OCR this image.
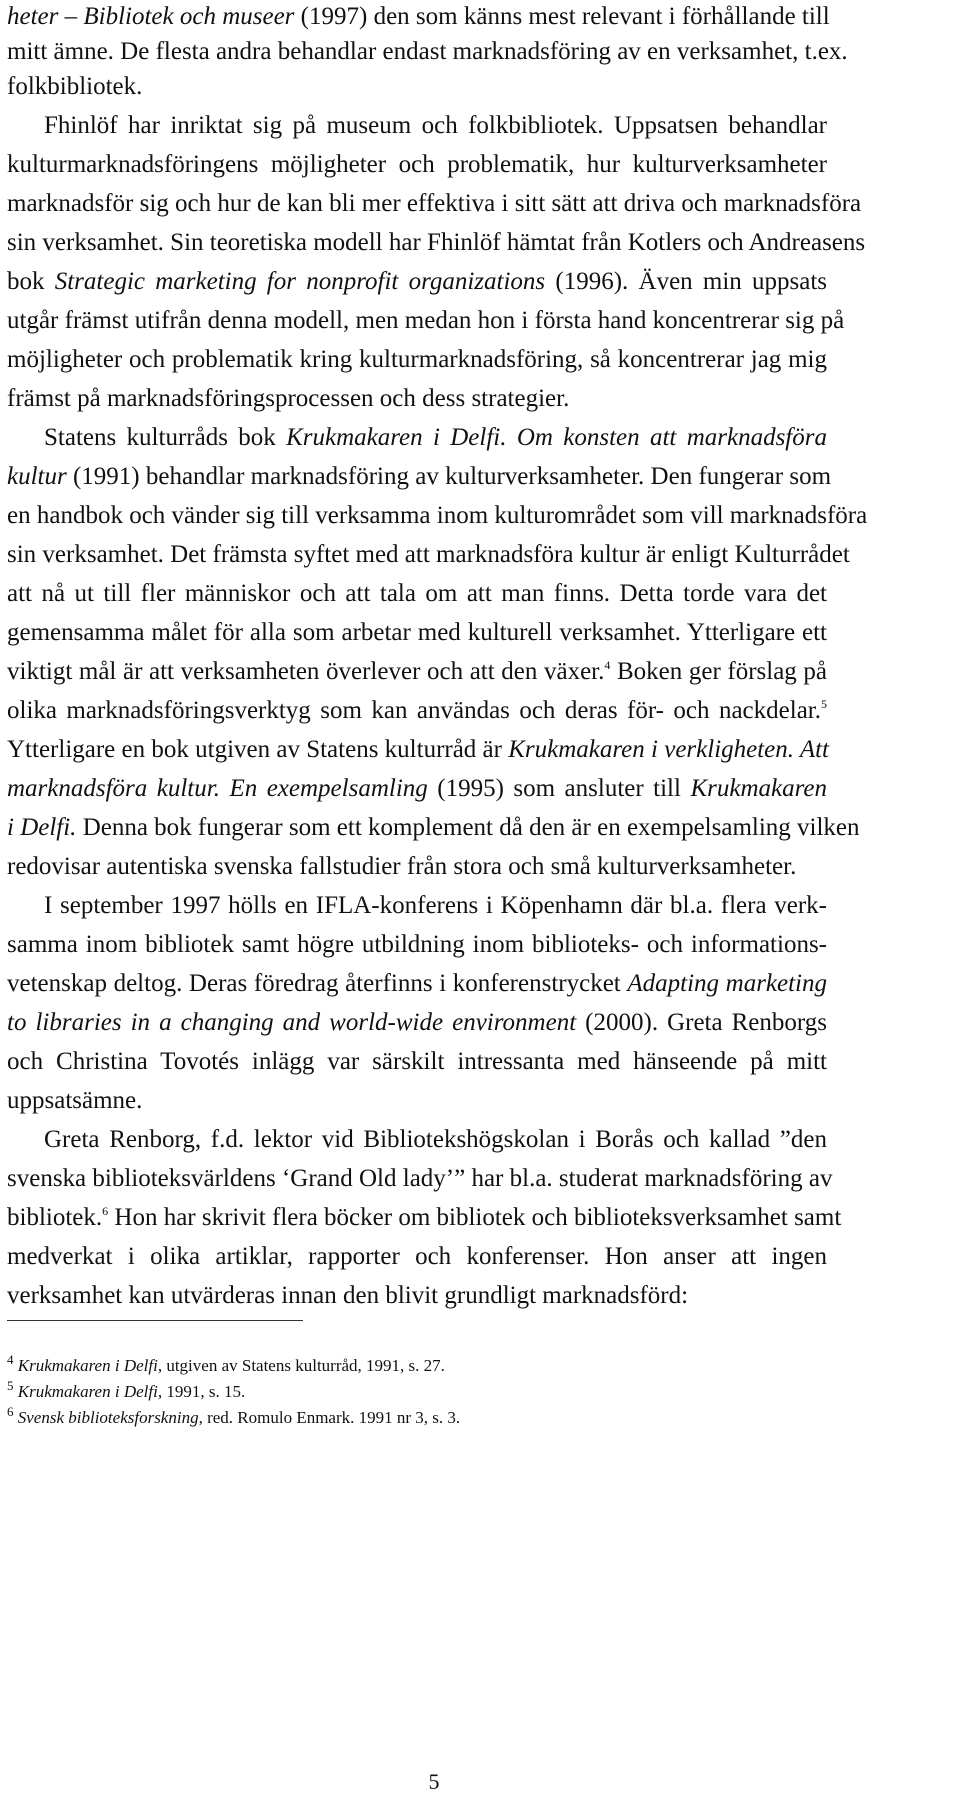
heter – Bibliotek och museer (1997) den som känns mest relevant i förhållande till
mitt ämne. De flesta andra behandlar endast marknadsföring av en verksamhet, t.ex.
folkbibliotek.
Fhinlöf har inriktat sig på museum och folkbibliotek. Uppsatsen behandlar
kulturmarknadsföringens möjligheter och problematik, hur kulturverksamheter
marknadsför sig och hur de kan bli mer effektiva i sitt sätt att driva och marknadsföra
sin verksamhet. Sin teoretiska modell har Fhinlöf hämtat från Kotlers och Andreasens
bok Strategic marketing for nonprofit organizations (1996). Även min uppsats
utgår främst utifrån denna modell, men medan hon i första hand koncentrerar sig på
möjligheter och problematik kring kulturmarknadsföring, så koncentrerar jag mig
främst på marknadsföringsprocessen och dess strategier.
Statens kulturråds bok Krukmakaren i Delfi. Om konsten att marknadsföra
kultur (1991) behandlar marknadsföring av kulturverksamheter. Den fungerar som
en handbok och vänder sig till verksamma inom kulturområdet som vill marknadsföra
sin verksamhet. Det främsta syftet med att marknadsföra kultur är enligt Kulturrådet
att nå ut till fler människor och att tala om att man finns. Detta torde vara det
gemensamma målet för alla som arbetar med kulturell verksamhet. Ytterligare ett
viktigt mål är att verksamheten överlever och att den växer.$^4$ Boken ger förslag på
olika marknadsföringsverktyg som kan användas och deras för- och nackdelar.$^5$
Ytterligare en bok utgiven av Statens kulturråd är Krukmakaren i verkligheten. Att
marknadsföra kultur. En exempelsamling (1995) som ansluter till Krukmakaren
i Delfi. Denna bok fungerar som ett komplement då den är en exempelsamling vilken
redovisar autentiska svenska fallstudier från stora och små kulturverksamheter.
I september 1997 hölls en IFLA-konferens i Köpenhamn där bl.a. flera verk-
samma inom bibliotek samt högre utbildning inom biblioteks- och informations-
vetenskap deltog. Deras föredrag återfinns i konferenstrycket Adapting marketing
to libraries in a changing and world-wide environment (2000). Greta Renborgs
och Christina Tovotés inlägg var särskilt intressanta med hänseende på mitt
uppsatsämne.
Greta Renborg, f.d. lektor vid Bibliotekshögskolan i Borås och kallad ”den
svenska biblioteksvärldens ‘Grand Old lady’” har bl.a. studerat marknadsföring av
bibliotek.$^6$ Hon har skrivit flera böcker om bibliotek och biblioteksverksamhet samt
medverkat i olika artiklar, rapporter och konferenser. Hon anser att ingen
verksamhet kan utvärderas innan den blivit grundligt marknadsförd:
$^4$ Krukmakaren i Delfi, utgiven av Statens kulturråd, 1991, s. 27.
$^5$ Krukmakaren i Delfi, 1991, s. 15.
$^6$ Svensk biblioteksforskning, red. Romulo Enmark. 1991 nr 3, s. 3.
5
